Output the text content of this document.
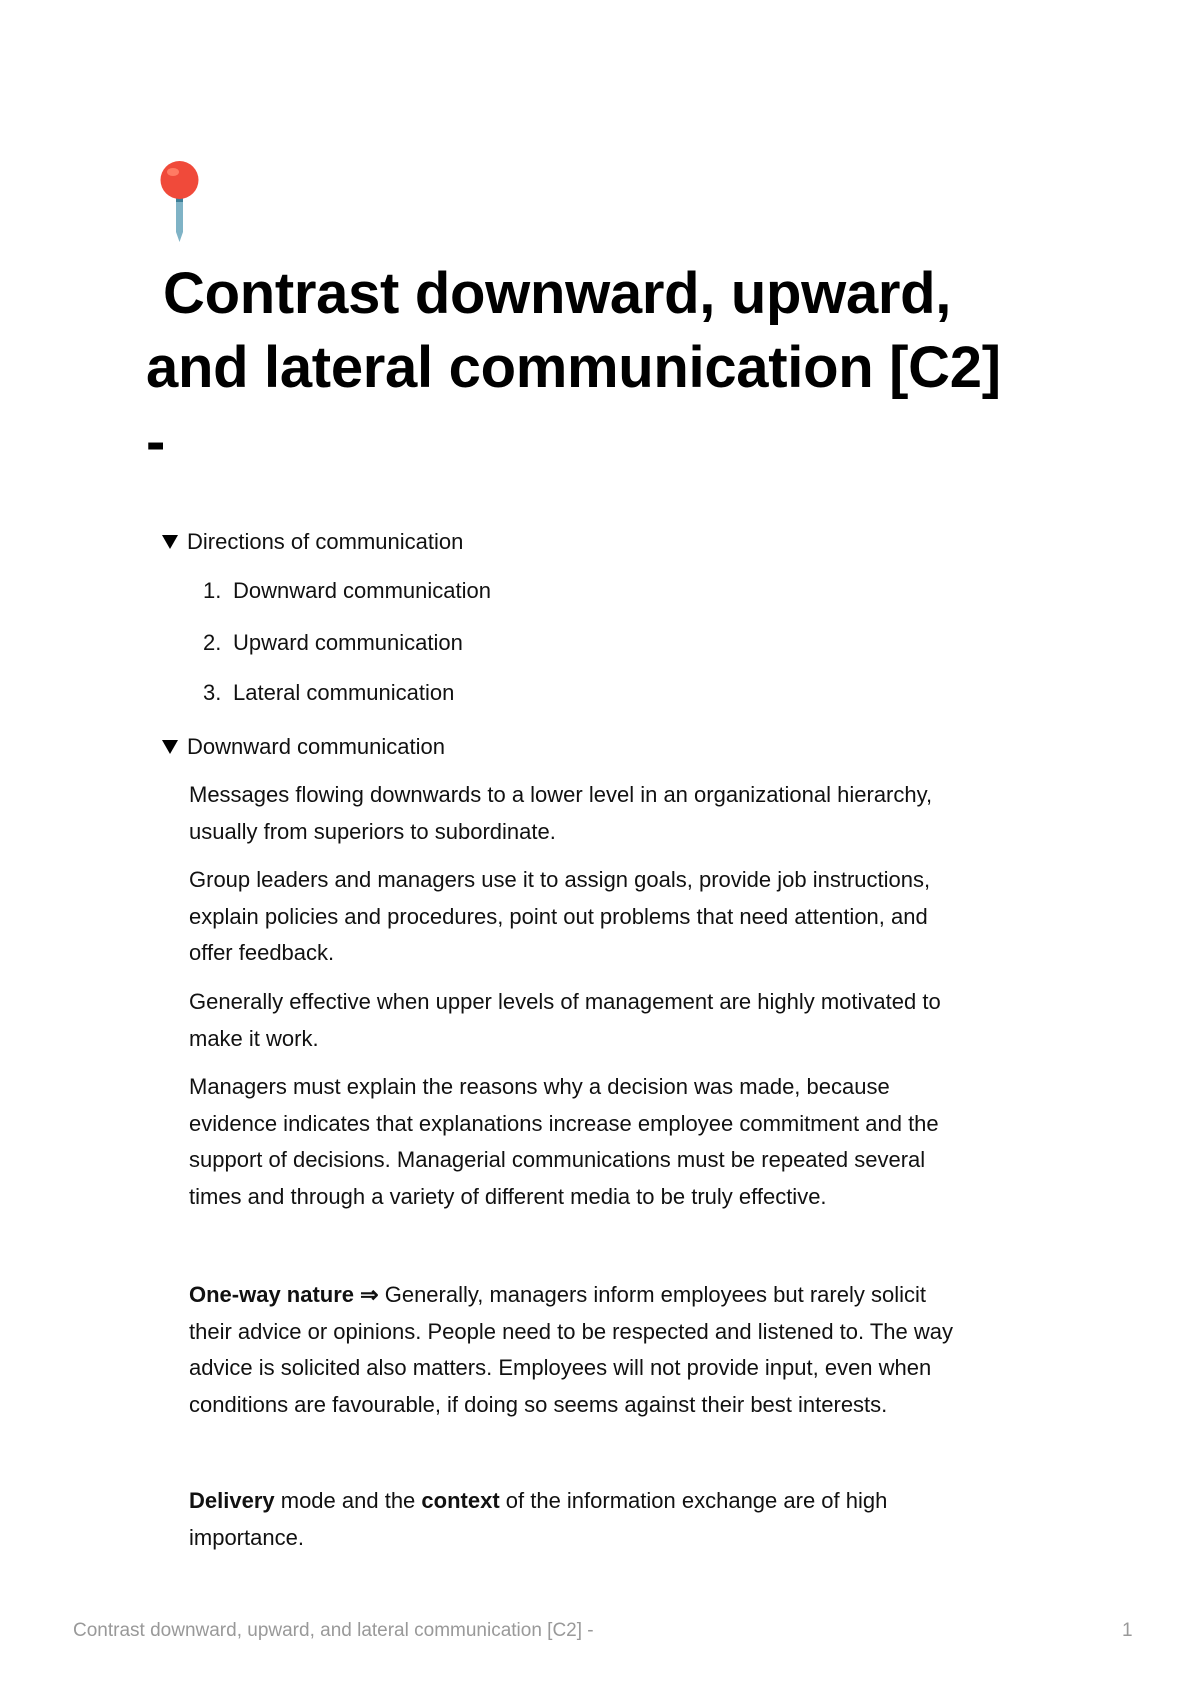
Contrast downward, upward,
and lateral communication [C2]
-
Directions of communication
1. Downward communication
2. Upward communication
3. Lateral communication
Downward communication
Messages flowing downwards to a lower level in an organizational hierarchy,
usually from superiors to subordinate.
Group leaders and managers use it to assign goals, provide job instructions,
explain policies and procedures, point out problems that need attention, and
offer feedback.
Generally effective when upper levels of management are highly motivated to
make it work.
Managers must explain the reasons why a decision was made, because
evidence indicates that explanations increase employee commitment and the
support of decisions. Managerial communications must be repeated several
times and through a variety of different media to be truly effective.
One-way nature ⇒ Generally, managers inform employees but rarely solicit
their advice or opinions. People need to be respected and listened to. The way
advice is solicited also matters. Employees will not provide input, even when
conditions are favourable, if doing so seems against their best interests.
Delivery mode and the context of the information exchange are of high
importance.
Contrast downward, upward, and lateral communication [C2] -	1
